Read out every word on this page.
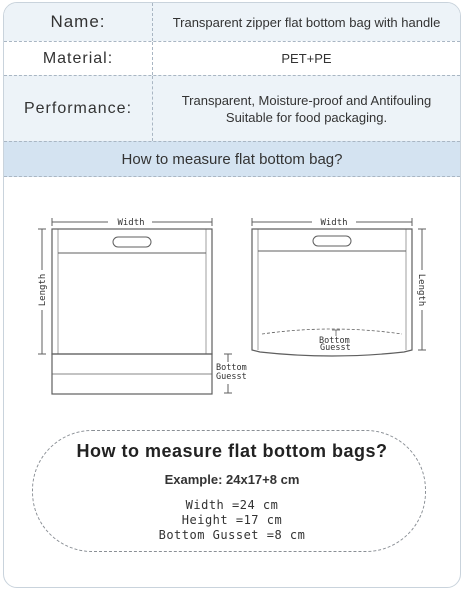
Name:	Transparent zipper flat bottom bag with handle
Material:	PET+PE
Performance:	Transparent, Moisture-proof and Antifouling
Suitable for food packaging.
How to measure flat bottom bag?
Width
Length
Bottom
Guesst
Width
Bottom
Guesst
Length
How to measure flat bottom bags?
Example: 24x17+8 cm
Width =24 cm
Height =17 cm
Bottom Gusset =8 cm
